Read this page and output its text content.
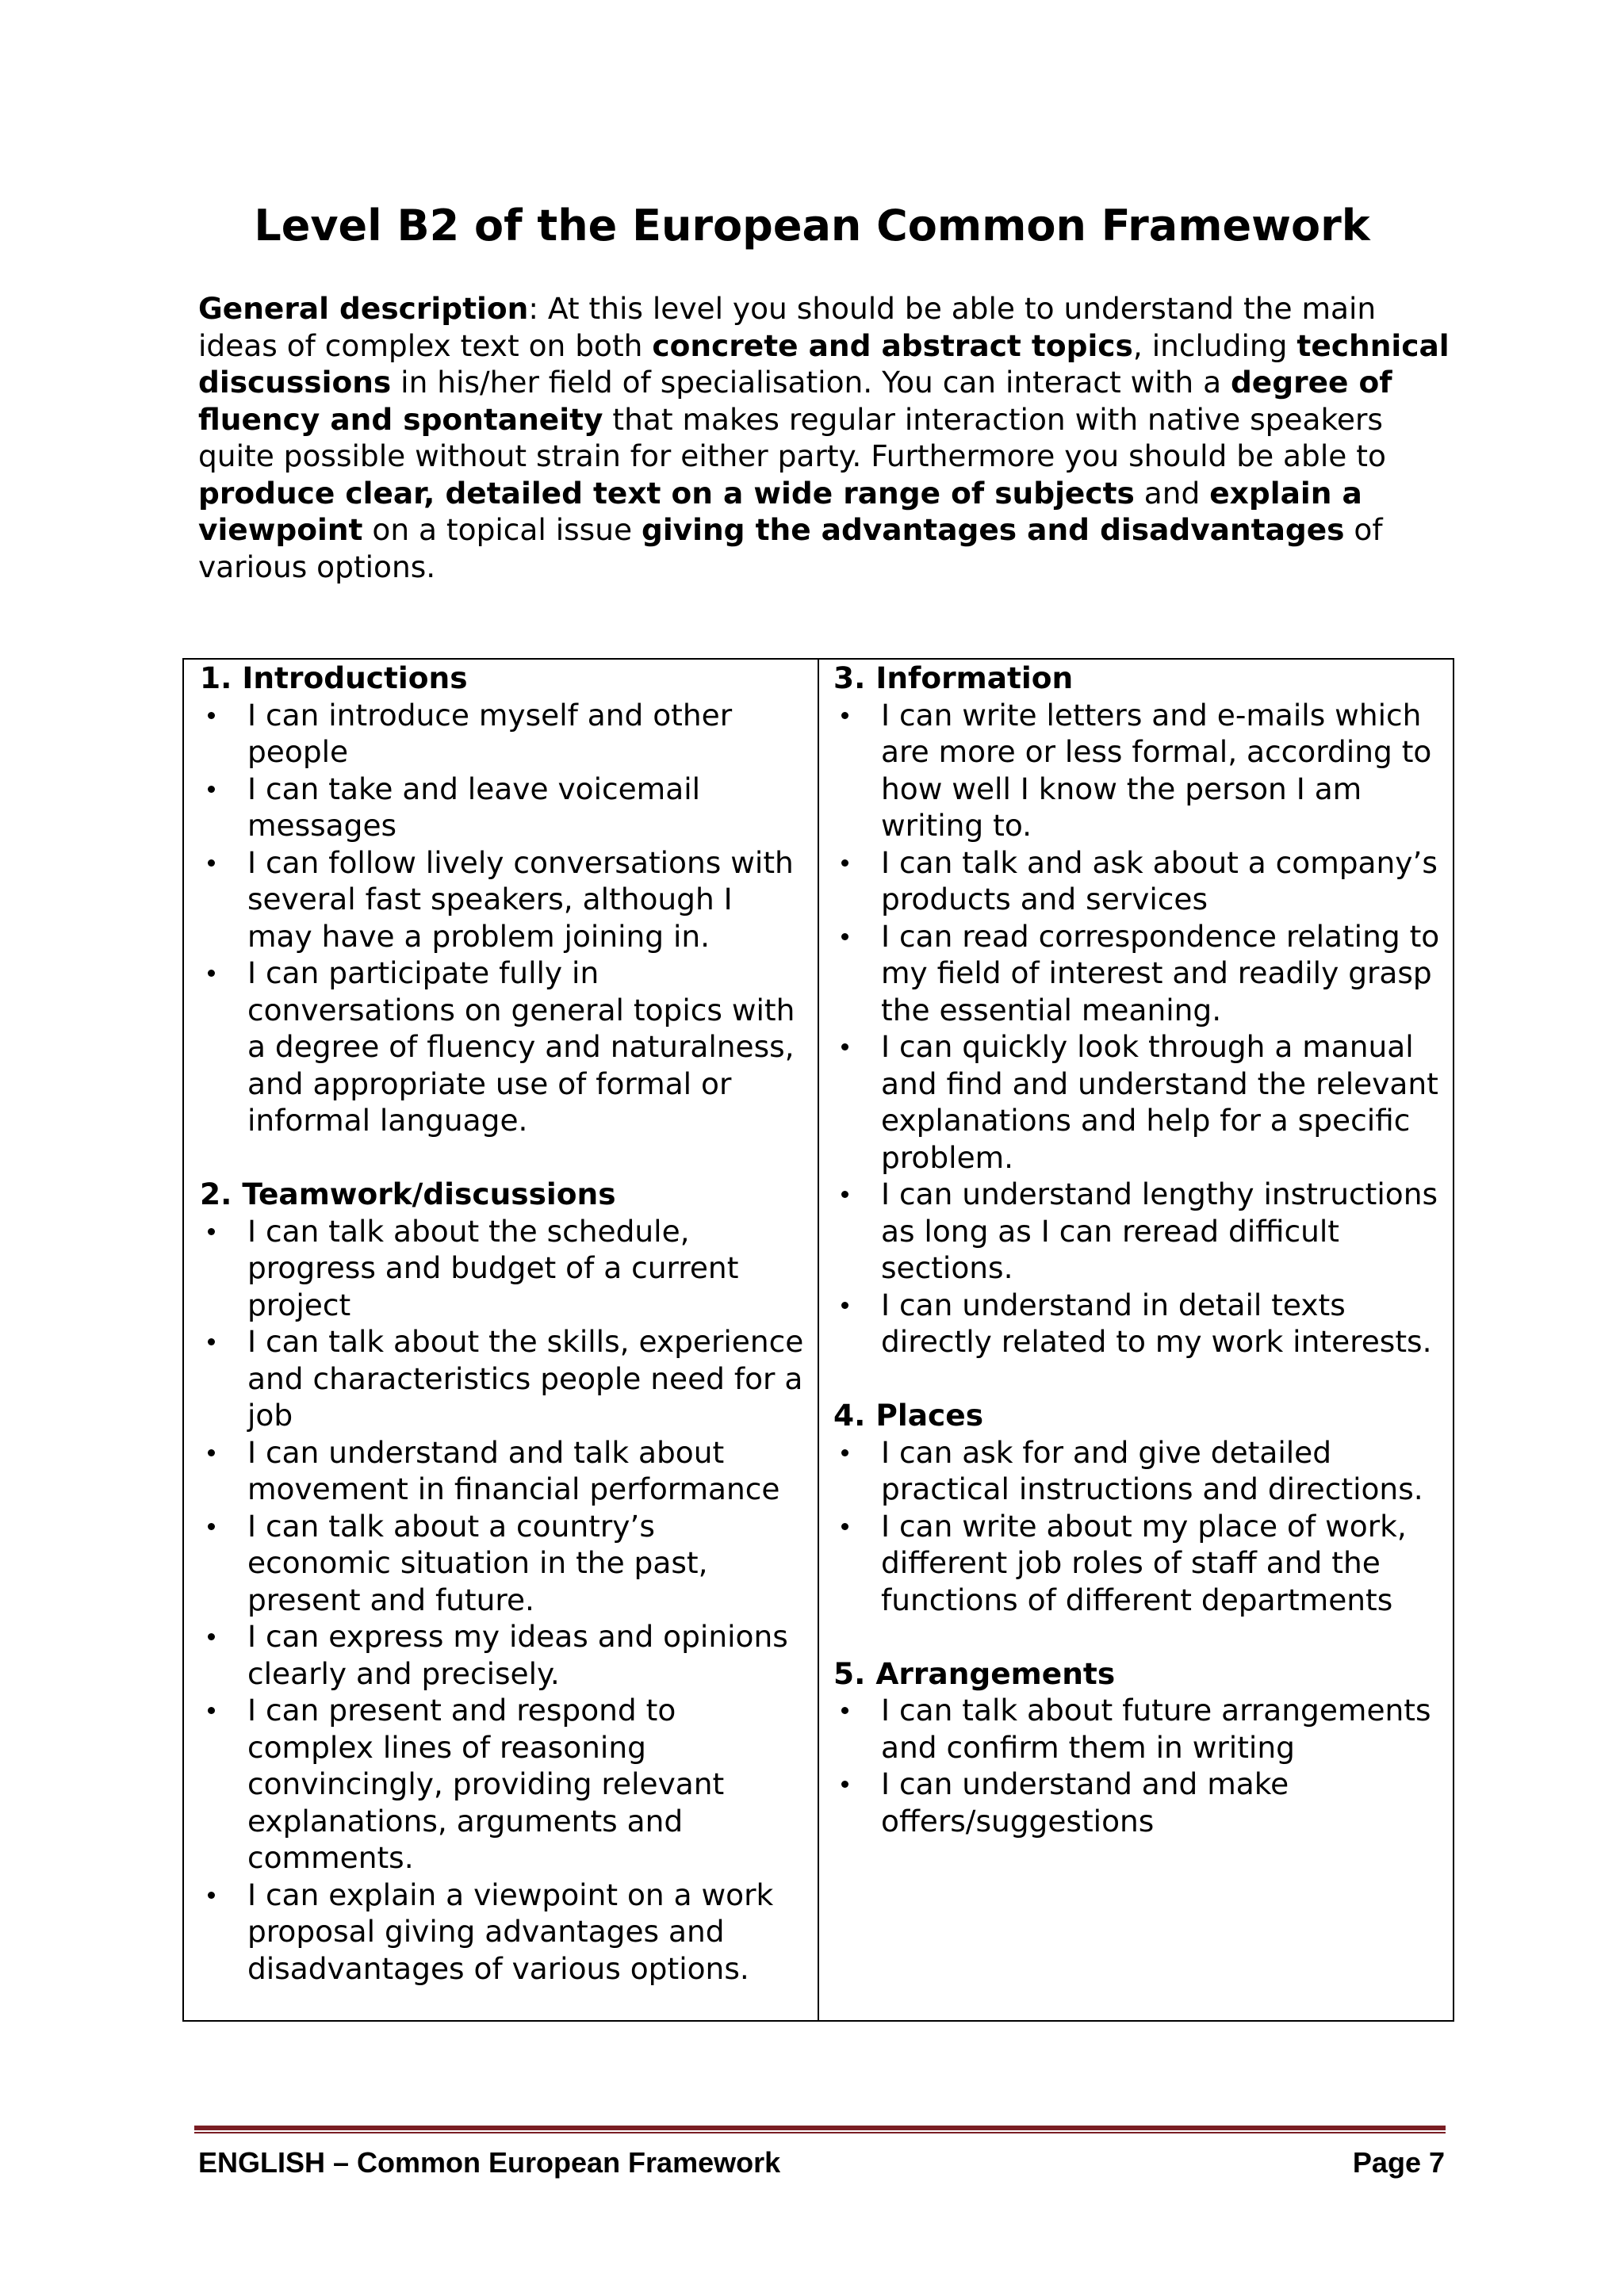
Level B2 of the European Common Framework

General description: At this level you should be able to understand the main ideas of complex text on both concrete and abstract topics, including technical discussions in his/her field of specialisation. You can interact with a degree of fluency and spontaneity that makes regular interaction with native speakers quite possible without strain for either party. Furthermore you should be able to produce clear, detailed text on a wide range of subjects and explain a viewpoint on a topical issue giving the advantages and disadvantages of various options.

1. Introductions
I can introduce myself and other people
I can take and leave voicemail messages
I can follow lively conversations with several fast speakers, although I may have a problem joining in.
I can participate fully in conversations on general topics with a degree of fluency and naturalness, and appropriate use of formal or informal language.
2. Teamwork/discussions
I can talk about the schedule, progress and budget of a current project
I can talk about the skills, experience and characteristics people need for a job
I can understand and talk about movement in financial performance
I can talk about a country’s economic situation in the past, present and future.
I can express my ideas and opinions clearly and precisely.
I can present and respond to complex lines of reasoning convincingly, providing relevant explanations, arguments and comments.
I can explain a viewpoint on a work proposal giving advantages and disadvantages of various options.
3. Information
I can write letters and e-mails which are more or less formal, according to how well I know the person I am writing to.
I can talk and ask about a company’s products and services
I can read correspondence relating to my field of interest and readily grasp the essential meaning.
I can quickly look through a manual and find and understand the relevant explanations and help for a specific problem.
I can understand lengthy instructions as long as I can reread difficult sections.
I can understand in detail texts directly related to my work interests.
4. Places
I can ask for and give detailed practical instructions and directions.
I can write about my place of work, different job roles of staff and the functions of different departments
5. Arrangements
I can talk about future arrangements and confirm them in writing
I can understand and make offers/suggestions
ENGLISH – Common European Framework	Page 7
